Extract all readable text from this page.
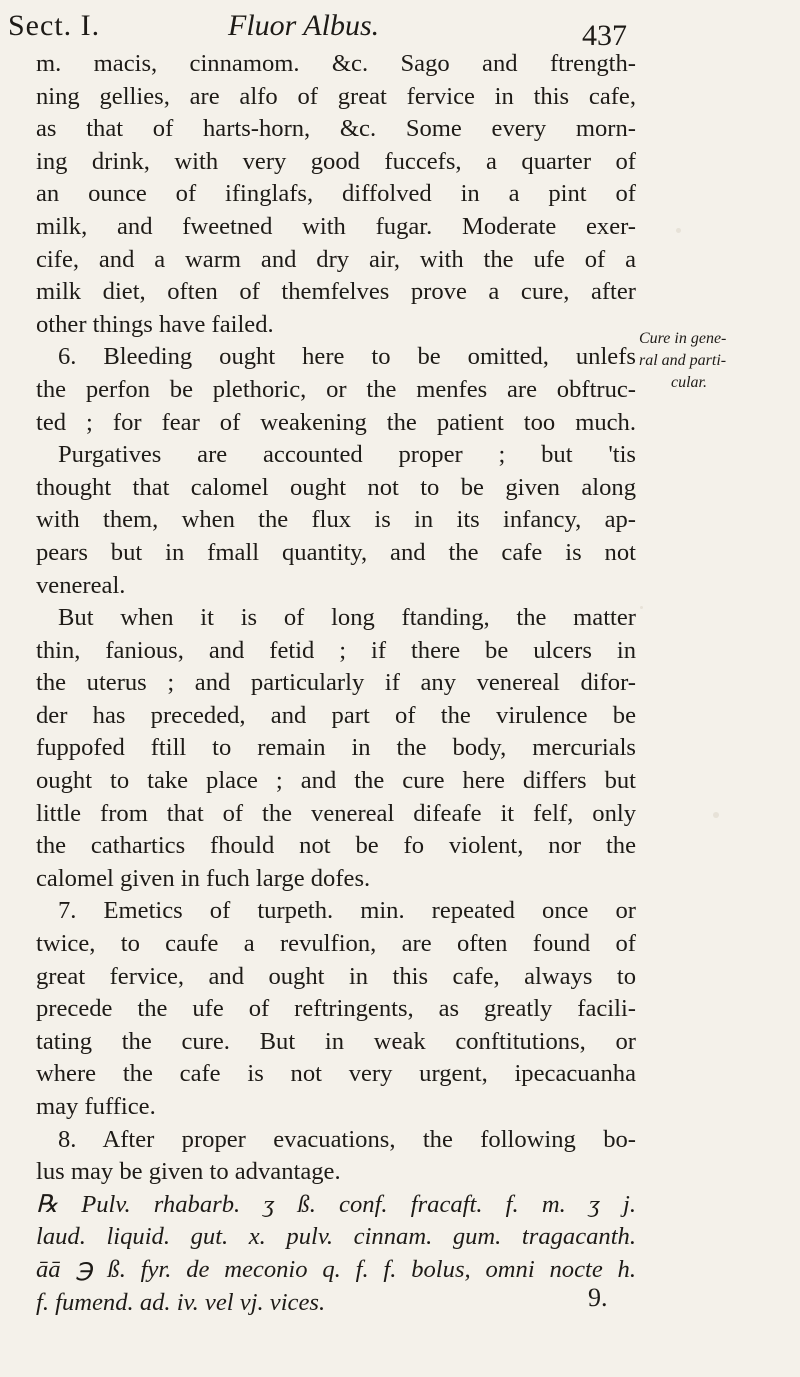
Sect. I.	Fluor Albus.	437
m. macis, cinnamom. &c. Sago and ftrength-
ning gellies, are alfo of great fervice in this cafe,
as that of harts-horn, &c. Some every morn-
ing drink, with very good fuccefs, a quarter of
an ounce of ifinglafs, diffolved in a pint of
milk, and fweetned with fugar. Moderate exer-
cife, and a warm and dry air, with the ufe of a
milk diet, often of themfelves prove a cure, after
other things have failed.
6. Bleeding ought here to be omitted, unlefs
the perfon be plethoric, or the menfes are obftruc-
ted ; for fear of weakening the patient too much.
Purgatives are accounted proper ; but 'tis
thought that calomel ought not to be given along
with them, when the flux is in its infancy, ap-
pears but in fmall quantity, and the cafe is not
venereal.
But when it is of long ftanding, the matter
thin, fanious, and fetid ; if there be ulcers in
the uterus ; and particularly if any venereal difor-
der has preceded, and part of the virulence be
fuppofed ftill to remain in the body, mercurials
ought to take place ; and the cure here differs but
little from that of the venereal difeafe it felf, only
the cathartics fhould not be fo violent, nor the
calomel given in fuch large dofes.
7. Emetics of turpeth. min. repeated once or
twice, to caufe a revulfion, are often found of
great fervice, and ought in this cafe, always to
precede the ufe of reftringents, as greatly facili-
tating the cure. But in weak conftitutions, or
where the cafe is not very urgent, ipecacuanha
may fuffice.
8. After proper evacuations, the following bo-
lus may be given to advantage.
℞ Pulv. rhabarb. ʒ ß. conf. fracaft. f. m. ʒ j.
laud. liquid. gut. x. pulv. cinnam. gum. tragacanth.
āā ℈ ß. fyr. de meconio q. f. f. bolus, omni nocte h.
f. fumend. ad. iv. vel vj. vices.
Cure in gene-
ral and parti-
cular.
9.
